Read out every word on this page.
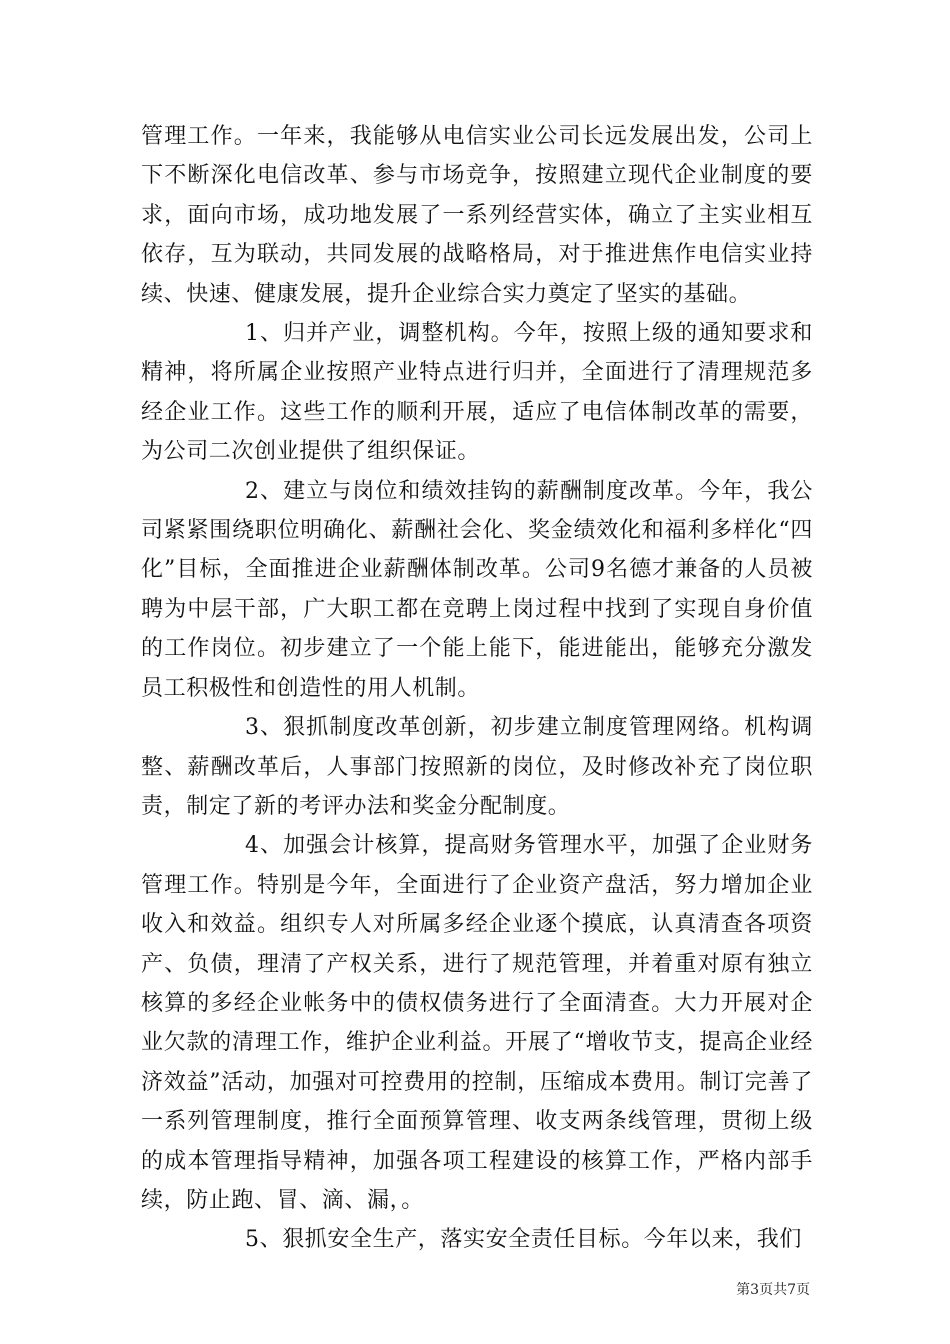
管理工作。一年来，我能够从电信实业公司长远发展出发，公司上下不断深化电信改革、参与市场竞争，按照建立现代企业制度的要求，面向市场，成功地发展了一系列经营实体，确立了主实业相互依存，互为联动，共同发展的战略格局，对于推进焦作电信实业持续、快速、健康发展，提升企业综合实力奠定了坚实的基础。

1、归并产业，调整机构。今年，按照上级的通知要求和精神，将所属企业按照产业特点进行归并，全面进行了清理规范多经企业工作。这些工作的顺利开展，适应了电信体制改革的需要，为公司二次创业提供了组织保证。

2、建立与岗位和绩效挂钩的薪酬制度改革。今年，我公司紧紧围绕职位明确化、薪酬社会化、奖金绩效化和福利多样化“四化”目标，全面推进企业薪酬体制改革。公司9名德才兼备的人员被聘为中层干部，广大职工都在竞聘上岗过程中找到了实现自身价值的工作岗位。初步建立了一个能上能下，能进能出，能够充分激发员工积极性和创造性的用人机制。

3、狠抓制度改革创新，初步建立制度管理网络。机构调整、薪酬改革后，人事部门按照新的岗位，及时修改补充了岗位职责，制定了新的考评办法和奖金分配制度。

4、加强会计核算，提高财务管理水平，加强了企业财务管理工作。特别是今年，全面进行了企业资产盘活，努力增加企业收入和效益。组织专人对所属多经企业逐个摸底，认真清查各项资产、负债，理清了产权关系，进行了规范管理，并着重对原有独立核算的多经企业帐务中的债权债务进行了全面清查。大力开展对企业欠款的清理工作，维护企业利益。开展了“增收节支，提高企业经济效益”活动，加强对可控费用的控制，压缩成本费用。制订完善了一系列管理制度，推行全面预算管理、收支两条线管理，贯彻上级的成本管理指导精神，加强各项工程建设的核算工作，严格内部手续，防止跑、冒、滴、漏，。

5、狠抓安全生产，落实安全责任目标。今年以来，我们

第3页共7页
